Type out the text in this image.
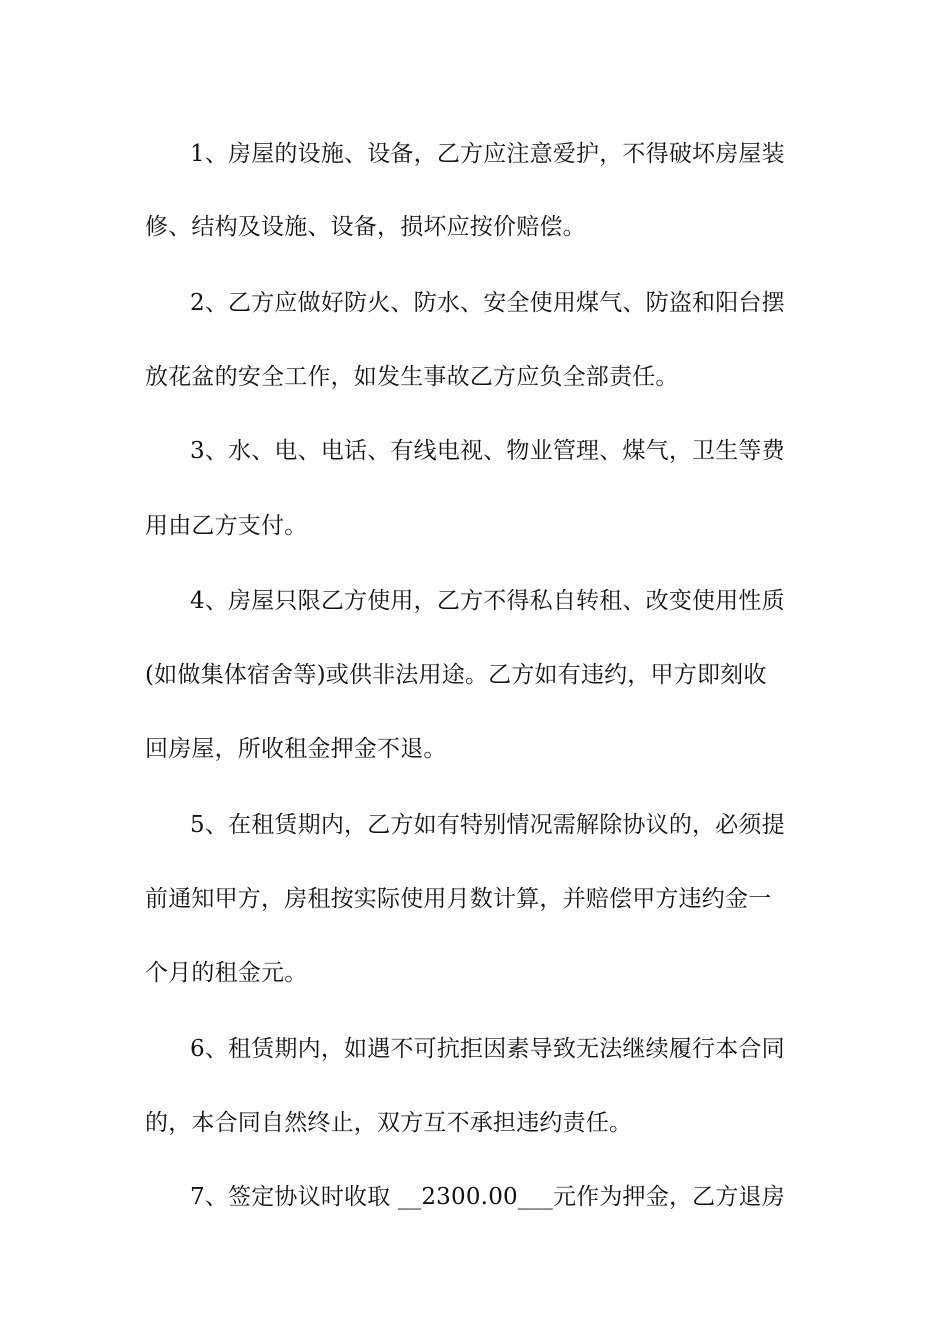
1、房屋的设施、设备，乙方应注意爱护，不得破坏房屋装
修、结构及设施、设备，损坏应按价赔偿。
2、乙方应做好防火、防水、安全使用煤气、防盗和阳台摆
放花盆的安全工作，如发生事故乙方应负全部责任。
3、水、电、电话、有线电视、物业管理、煤气，卫生等费
用由乙方支付。
4、房屋只限乙方使用，乙方不得私自转租、改变使用性质
(如做集体宿舍等)或供非法用途。乙方如有违约，甲方即刻收
回房屋，所收租金押金不退。
5、在租赁期内，乙方如有特别情况需解除协议的，必须提
前通知甲方，房租按实际使用月数计算，并赔偿甲方违约金一
个月的租金元。
6、租赁期内，如遇不可抗拒因素导致无法继续履行本合同
的，本合同自然终止，双方互不承担违约责任。
7、签定协议时收取 __2300.00___元作为押金，乙方退房
